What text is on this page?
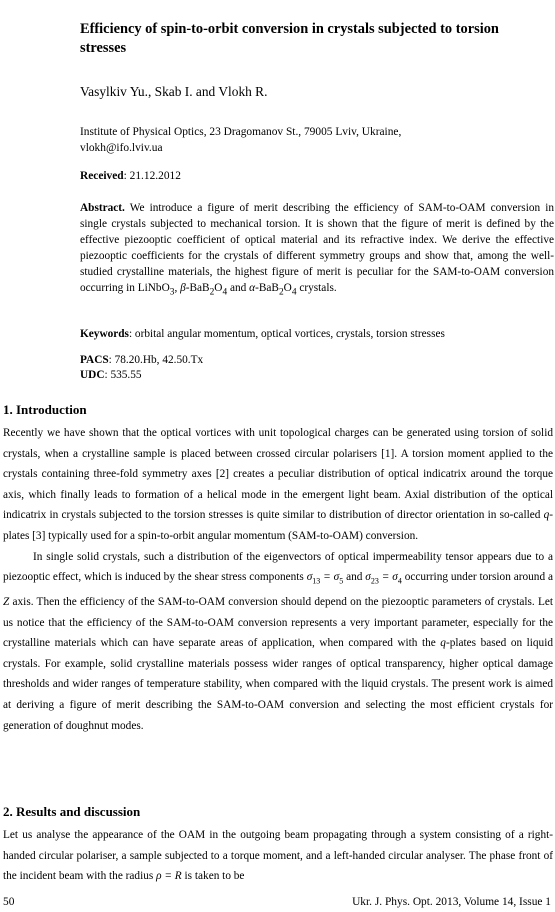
Efficiency of spin-to-orbit conversion in crystals subjected to torsion stresses
Vasylkiv Yu., Skab I. and Vlokh R.
Institute of Physical Optics, 23 Dragomanov St., 79005 Lviv, Ukraine,
vlokh@ifo.lviv.ua
Received: 21.12.2012
Abstract. We introduce a figure of merit describing the efficiency of SAM-to-OAM conversion in single crystals subjected to mechanical torsion. It is shown that the figure of merit is defined by the effective piezooptic coefficient of optical material and its refractive index. We derive the effective piezooptic coefficients for the crystals of different symmetry groups and show that, among the well-studied crystalline materials, the highest figure of merit is peculiar for the SAM-to-OAM conversion occurring in LiNbO$_3$, $\beta-BaB_2O_4$ and $\alpha-BaB_2O_4$ crystals.
Keywords: orbital angular momentum, optical vortices, crystals, torsion stresses
PACS: 78.20.Hb, 42.50.Tx
UDC: 535.55
1. Introduction

Recently we have shown that the optical vortices with unit topological charges can be generated using torsion of solid crystals, when a crystalline sample is placed between crossed circular polarisers [1]. A torsion moment applied to the crystals containing three-fold symmetry axes [2] creates a peculiar distribution of optical indicatrix around the torque axis, which finally leads to formation of a helical mode in the emergent light beam. Axial distribution of the optical indicatrix in crystals subjected to the torsion stresses is quite similar to distribution of director orientation in so-called q-plates [3] typically used for a spin-to-orbit angular momentum (SAM-to-OAM) conversion.

In single solid crystals, such a distribution of the eigenvectors of optical impermeability tensor appears due to a piezooptic effect, which is induced by the shear stress components $\sigma_{13} = \sigma_5$ and $\sigma_{23} = \sigma_4$ occurring under torsion around a Z axis. Then the efficiency of the SAM-to-OAM conversion should depend on the piezooptic parameters of crystals. Let us notice that the efficiency of the SAM-to-OAM conversion represents a very important parameter, especially for the crystalline materials which can have separate areas of application, when compared with the q-plates based on liquid crystals. For example, solid crystalline materials possess wider ranges of optical transparency, higher optical damage thresholds and wider ranges of temperature stability, when compared with the liquid crystals. The present work is aimed at deriving a figure of merit describing the SAM-to-OAM conversion and selecting the most efficient crystals for generation of doughnut modes.

2. Results and discussion

Let us analyse the appearance of the OAM in the outgoing beam propagating through a system consisting of a right-handed circular polariser, a sample subjected to a torque moment, and a left-handed circular analyser. The phase front of the incident beam with the radius ρ = R is taken to be

50	Ukr. J. Phys. Opt. 2013, Volume 14, Issue 1
